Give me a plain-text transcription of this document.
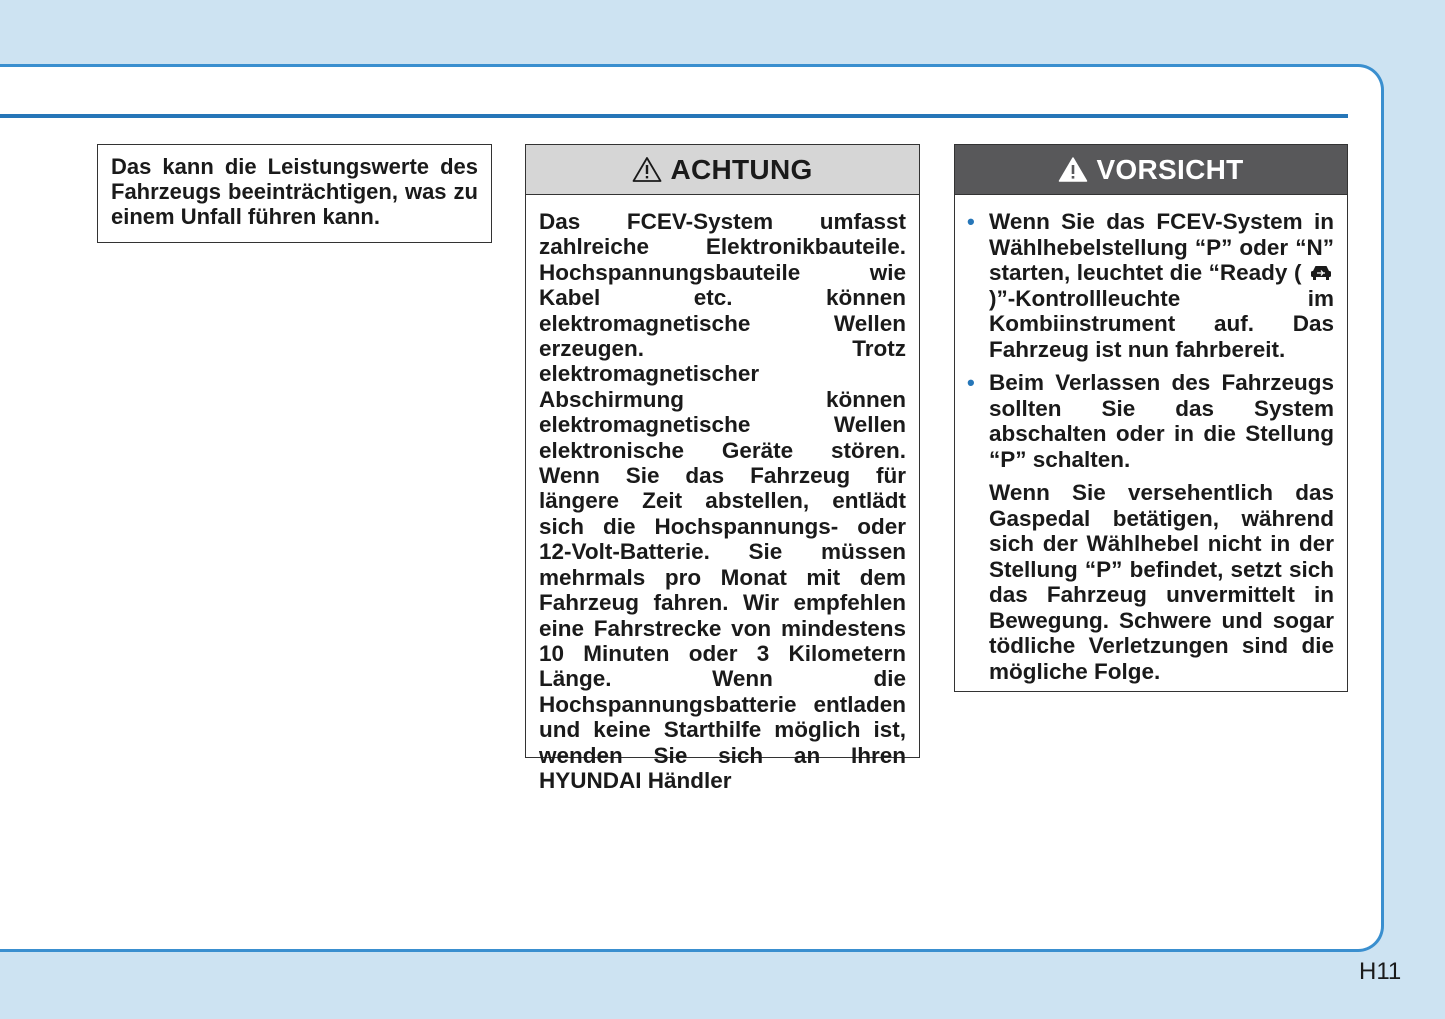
Das kann die Leistungswerte des Fahrzeugs beeinträchtigen, was zu einem Unfall führen kann.

ACHTUNG

Das FCEV-System umfasst zahlreiche Elektronikbauteile. Hochspannungsbauteile wie Kabel etc. können elektromagnetische Wellen erzeugen. Trotz elektromagnetischer Abschirmung können elektromagnetische Wellen elektronische Geräte stören. Wenn Sie das Fahrzeug für längere Zeit abstellen, entlädt sich die Hochspannungs- oder 12-Volt-Batterie. Sie müssen mehrmals pro Monat mit dem Fahrzeug fahren. Wir empfehlen eine Fahrstrecke von mindestens 10 Minuten oder 3 Kilometern Länge. Wenn die Hochspannungsbatterie entladen und keine Starthilfe möglich ist, wenden Sie sich an Ihren HYUNDAI Händler

VORSICHT
• Wenn Sie das FCEV-System in Wählhebelstellung “P” oder “N” starten, leuchtet die “Ready ( )”-Kontrollleuchte im Kombiinstrument auf. Das Fahrzeug ist nun fahrbereit.

• Beim Verlassen des Fahrzeugs sollten Sie das System abschalten oder in die Stellung “P” schalten.

Wenn Sie versehentlich das Gaspedal betätigen, während sich der Wählhebel nicht in der Stellung “P” befindet, setzt sich das Fahrzeug unvermittelt in Bewegung. Schwere und sogar tödliche Verletzungen sind die mögliche Folge.

H11
